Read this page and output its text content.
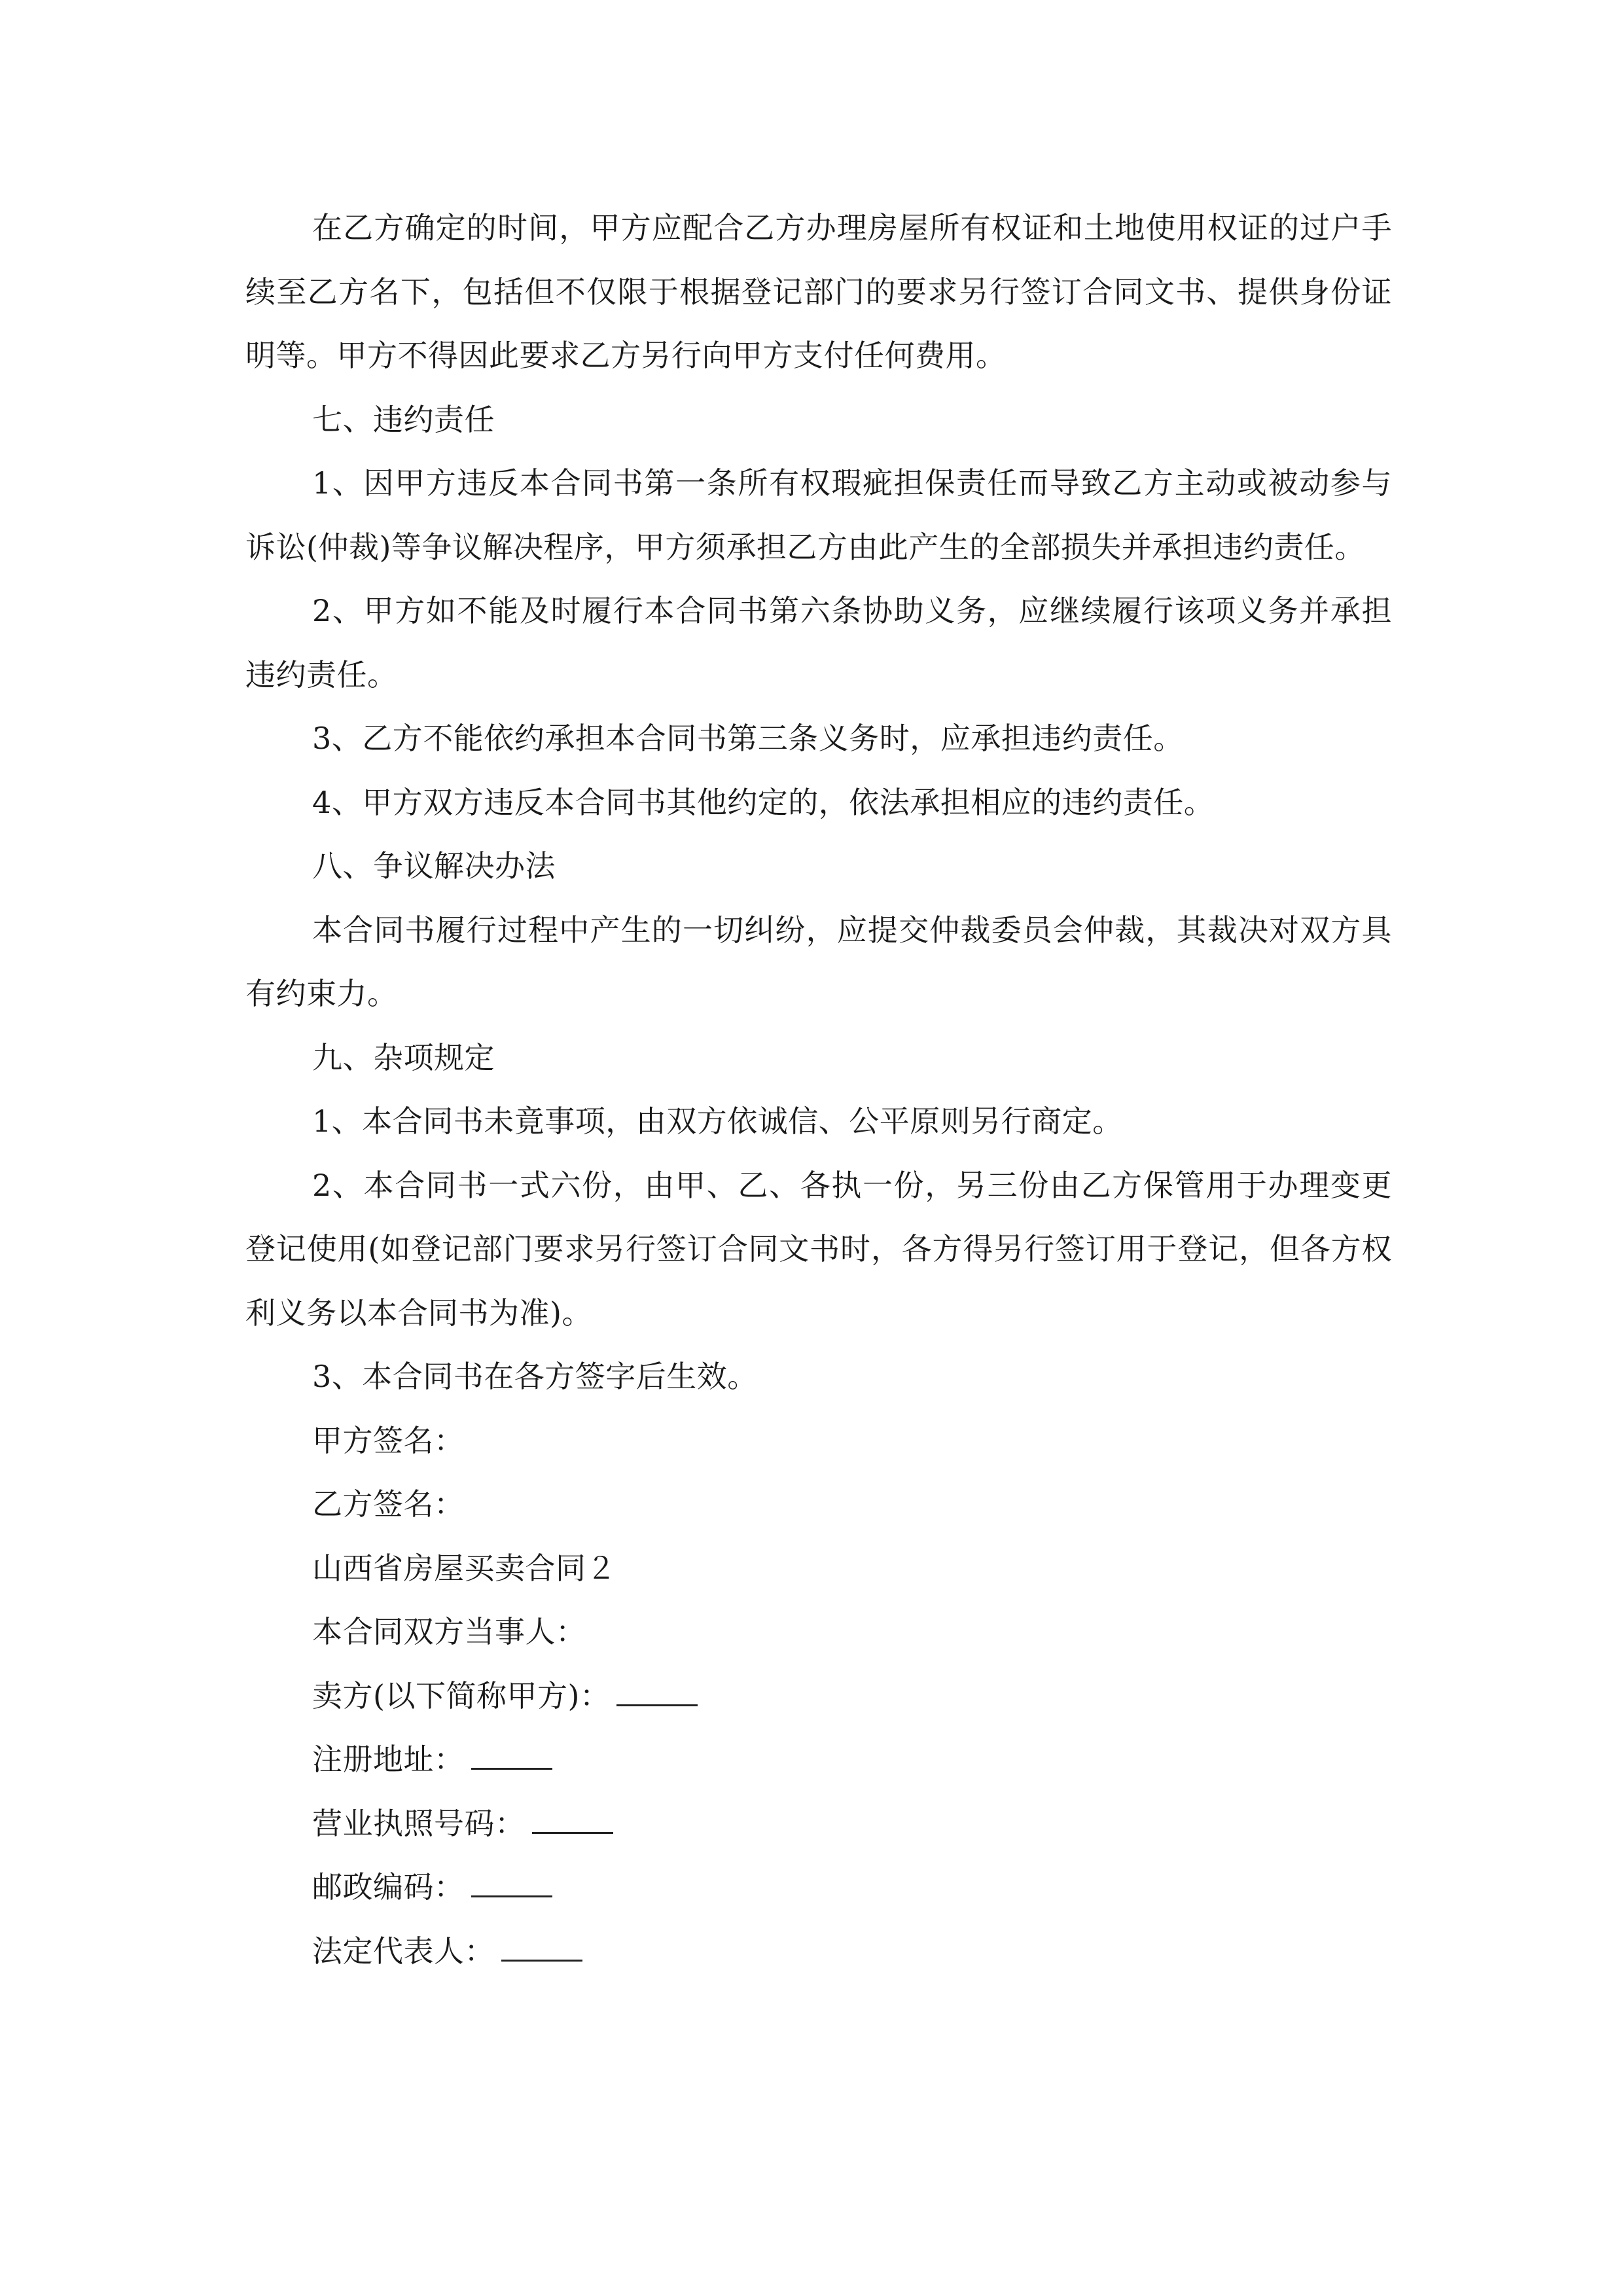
在乙方确定的时间，甲方应配合乙方办理房屋所有权证和土地使用权证的过户手续至乙方名下，包括但不仅限于根据登记部门的要求另行签订合同文书、提供身份证明等。甲方不得因此要求乙方另行向甲方支付任何费用。

七、违约责任

1、因甲方违反本合同书第一条所有权瑕疵担保责任而导致乙方主动或被动参与诉讼(仲裁)等争议解决程序，甲方须承担乙方由此产生的全部损失并承担违约责任。

2、甲方如不能及时履行本合同书第六条协助义务，应继续履行该项义务并承担违约责任。

3、乙方不能依约承担本合同书第三条义务时，应承担违约责任。

4、甲方双方违反本合同书其他约定的，依法承担相应的违约责任。

八、争议解决办法

本合同书履行过程中产生的一切纠纷，应提交仲裁委员会仲裁，其裁决对双方具有约束力。

九、杂项规定

1、本合同书未竟事项，由双方依诚信、公平原则另行商定。

2、本合同书一式六份，由甲、乙、各执一份，另三份由乙方保管用于办理变更登记使用(如登记部门要求另行签订合同文书时，各方得另行签订用于登记，但各方权利义务以本合同书为准)。

3、本合同书在各方签字后生效。

甲方签名：

乙方签名：

山西省房屋买卖合同２

本合同双方当事人：

卖方(以下简称甲方)：

注册地址：

营业执照号码：

邮政编码：

法定代表人：
